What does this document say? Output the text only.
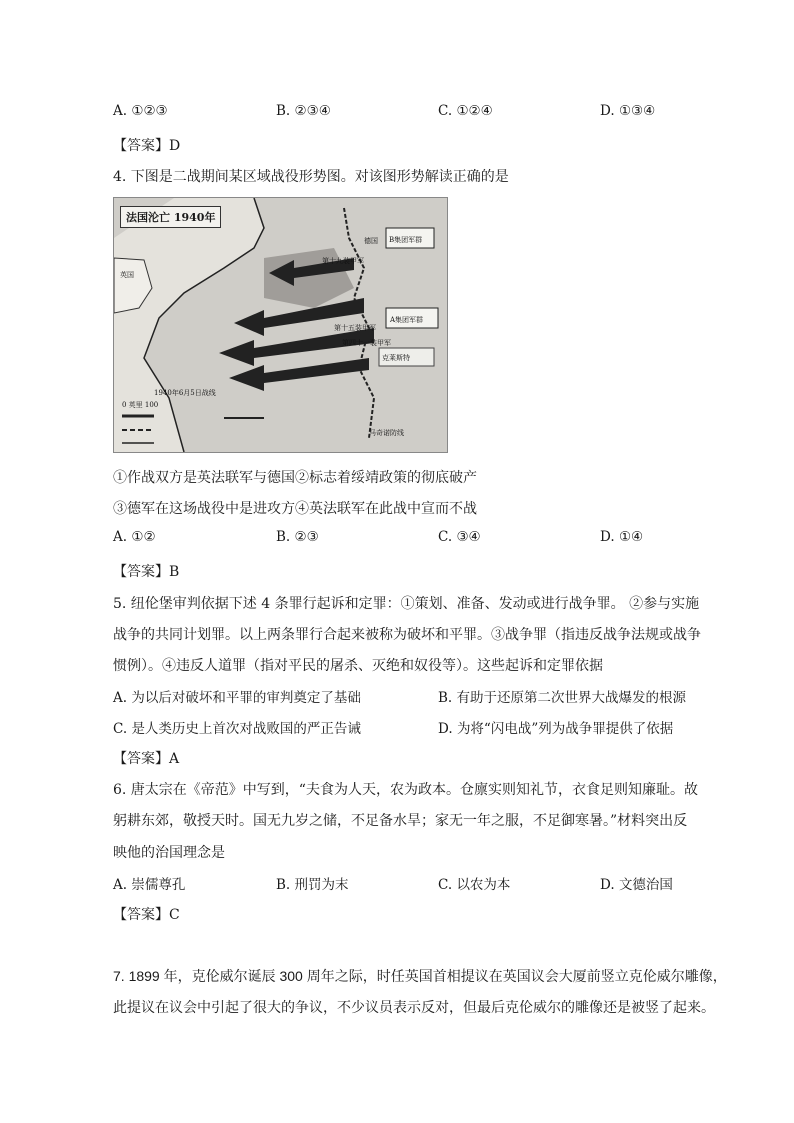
A. ①②③	B. ②③④	C. ①②④	D. ①③④
【答案】D
4. 下图是二战期间某区域战役形势图。对该图形势解读正确的是
法国沦亡 1940年
德国
英国
B集团军群
A集团军群
第十九装甲军
第十五装甲军
第四十一装甲军
克莱斯特
1940年6月5日战线
0 英里 100
马奇诺防线
①作战双方是英法联军与德国②标志着绥靖政策的彻底破产
③德军在这场战役中是进攻方④英法联军在此战中宣而不战
A. ①②	B. ②③	C. ③④	D. ①④
【答案】B
5. 纽伦堡审判依据下述 4 条罪行起诉和定罪：①策划、准备、发动或进行战争罪。 ②参与实施
战争的共同计划罪。以上两条罪行合起来被称为破坏和平罪。③战争罪（指违反战争法规或战争
惯例）。④违反人道罪（指对平民的屠杀、灭绝和奴役等）。这些起诉和定罪依据
A. 为以后对破坏和平罪的审判奠定了基础	B. 有助于还原第二次世界大战爆发的根源
C. 是人类历史上首次对战败国的严正告诫	D. 为将“闪电战”列为战争罪提供了依据
【答案】A
6. 唐太宗在《帝范》中写到，“夫食为人天，农为政本。仓廪实则知礼节，衣食足则知廉耻。故
躬耕东郊，敬授天时。国无九岁之储，不足备水旱；家无一年之服，不足御寒暑。”材料突出反
映他的治国理念是
A. 崇儒尊孔	B. 刑罚为末	C. 以农为本	D. 文德治国
【答案】C
7. 1899 年，克伦威尔诞辰 300 周年之际，时任英国首相提议在英国议会大厦前竖立克伦威尔雕像，
此提议在议会中引起了很大的争议，不少议员表示反对，但最后克伦威尔的雕像还是被竖了起来。
